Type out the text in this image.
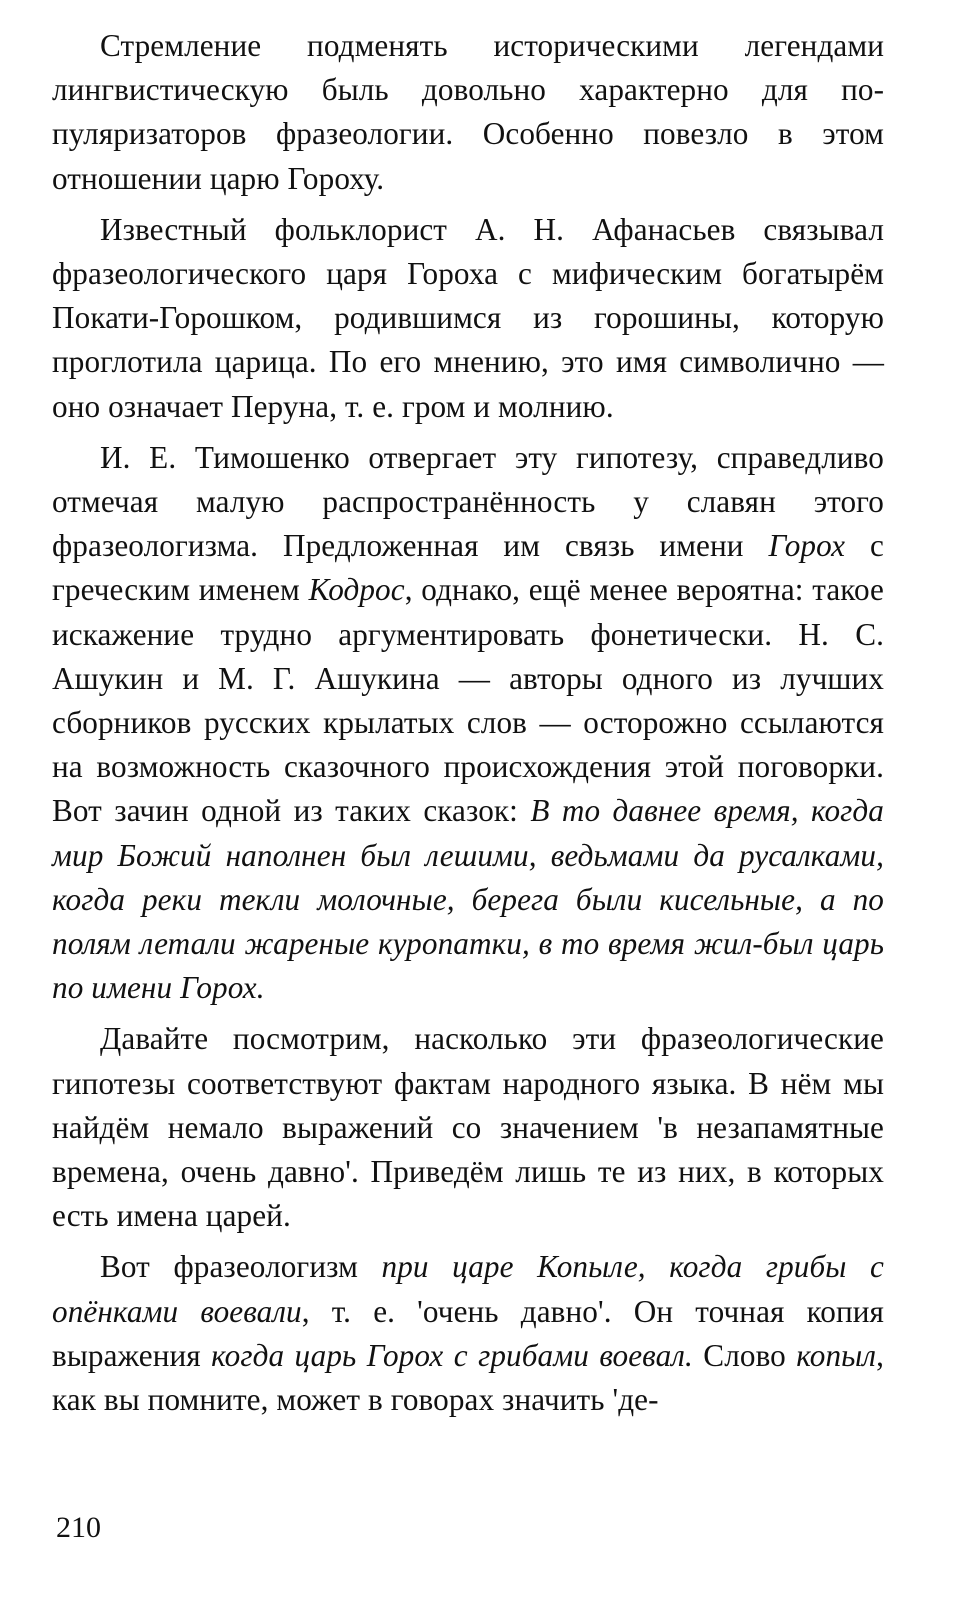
Стремление подменять историческими легендами лингвистическую быль довольно характерно для популяризаторов фразеологии. Особенно повезло в этом отношении царю Гороху.

Известный фольклорист А. Н. Афанасьев связывал фразеологического царя Гороха с мифическим богатырём Покати-Горошком, родившимся из горошины, которую проглотила царица. По его мнению, это имя символично — оно означает Перуна, т. е. гром и молнию.

И. Е. Тимошенко отвергает эту гипотезу, справедливо отмечая малую распространённость у славян этого фразеологизма. Предложенная им связь имени Горох с греческим именем Кодрос, однако, ещё менее вероятна: такое искажение трудно аргументировать фонетически. Н. С. Ашукин и М. Г. Ашукина — авторы одного из лучших сборников русских крылатых слов — осторожно ссылаются на возможность сказочного происхождения этой поговорки. Вот зачин одной из таких сказок: В то давнее время, когда мир Божий наполнен был лешими, ведьмами да русалками, когда реки текли молочные, берега были кисельные, а по полям летали жареные куропатки, в то время жил-был царь по имени Горох.

Давайте посмотрим, насколько эти фразеологические гипотезы соответствуют фактам народного языка. В нём мы найдём немало выражений со значением 'в незапамятные времена, очень давно'. Приведём лишь те из них, в которых есть имена царей.

Вот фразеологизм при царе Копыле, когда грибы с опёнками воевали, т. е. 'очень давно'. Он точная копия выражения когда царь Горох с грибами воевал. Слово копыл, как вы помните, может в говорах значить 'де-

210
